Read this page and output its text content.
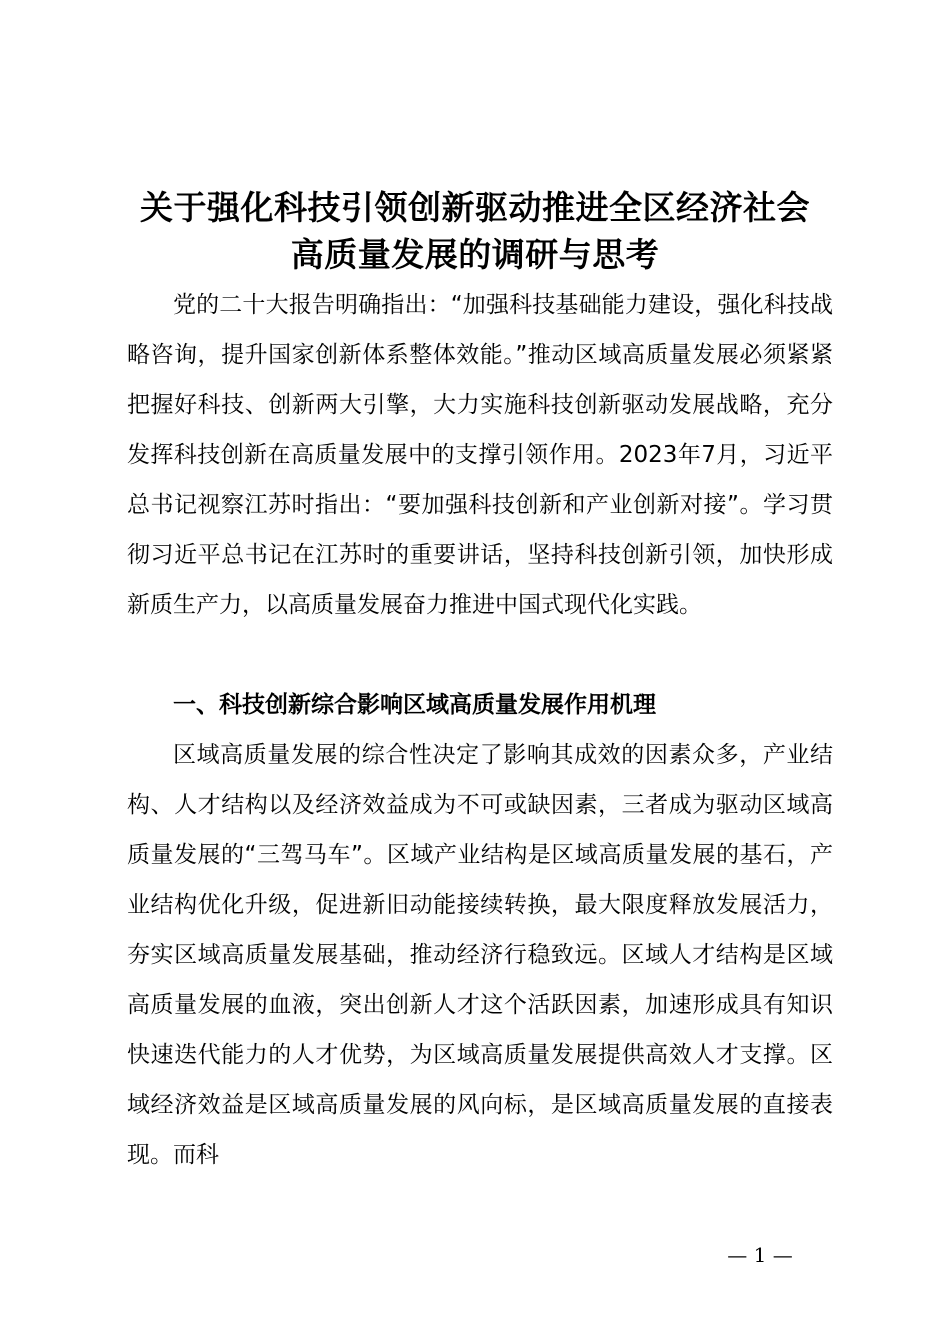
关于强化科技引领创新驱动推进全区经济社会
高质量发展的调研与思考

党的二十大报告明确指出：“加强科技基础能力建设，强化科技战略咨询，提升国家创新体系整体效能。”推动区域高质量发展必须紧紧把握好科技、创新两大引擎，大力实施科技创新驱动发展战略，充分发挥科技创新在高质量发展中的支撑引领作用。2023年7月，习近平总书记视察江苏时指出：“要加强科技创新和产业创新对接”。学习贯彻习近平总书记在江苏时的重要讲话，坚持科技创新引领，加快形成新质生产力，以高质量发展奋力推进中国式现代化实践。

一、科技创新综合影响区域高质量发展作用机理

区域高质量发展的综合性决定了影响其成效的因素众多，产业结构、人才结构以及经济效益成为不可或缺因素，三者成为驱动区域高质量发展的“三驾马车”。区域产业结构是区域高质量发展的基石，产业结构优化升级，促进新旧动能接续转换，最大限度释放发展活力，夯实区域高质量发展基础，推动经济行稳致远。区域人才结构是区域高质量发展的血液，突出创新人才这个活跃因素，加速形成具有知识快速迭代能力的人才优势，为区域高质量发展提供高效人才支撑。区域经济效益是区域高质量发展的风向标，是区域高质量发展的直接表现。而科

— 1 —
